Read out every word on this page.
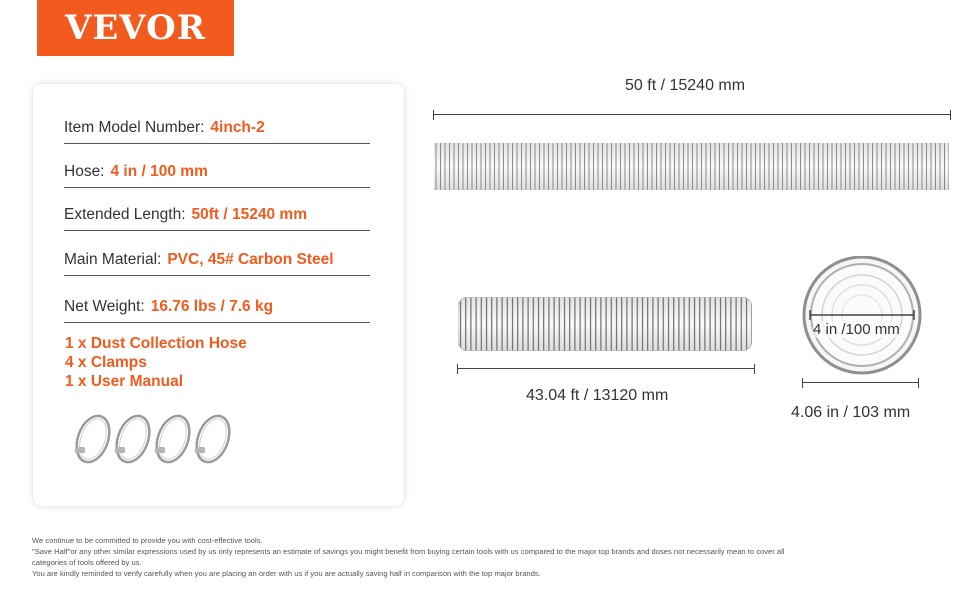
VEVOR
Item Model Number: 4inch-2
Hose: 4 in / 100 mm
Extended Length: 50ft / 15240 mm
Main Material: PVC, 45# Carbon Steel
Net Weight: 16.76 lbs / 7.6 kg
1 x Dust Collection Hose
4 x Clamps
1 x User Manual
50 ft / 15240 mm
43.04 ft / 13120 mm
4 in /100 mm
4.06 in / 103 mm
We continue to be committed to provide you with cost-effective tools.
"Save Half"or any other similar expressions used by us only represents an estimate of savings you might benefit from buying certain tools with us compared to the major top brands and doses not necessarily mean to cover all
categories of tools offered by us.
You are kindly reminded to verify carefully when you are placing an order with us if you are actually saving half in comparison with the top major brands.
